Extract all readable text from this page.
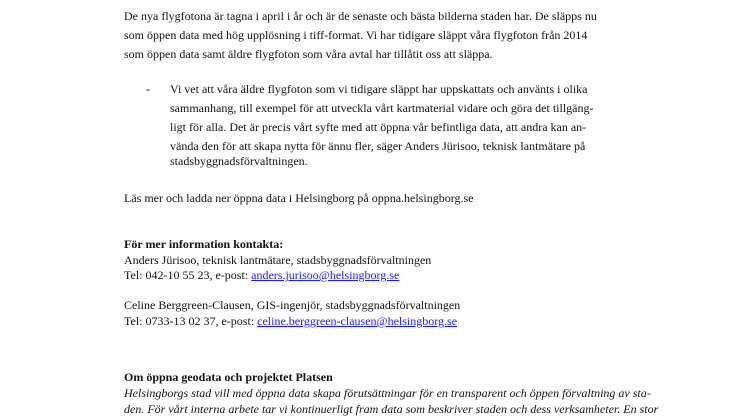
De nya flygfotona är tagna i april i år och är de senaste och bästa bilderna staden har. De släpps nu
som öppen data med hög upplösning i tiff-format. Vi har tidigare släppt våra flygfoton från 2014
som öppen data samt äldre flygfoton som våra avtal har tillåtit oss att släppa.
- Vi vet att våra äldre flygfoton som vi tidigare släppt har uppskattats och använts i olika
sammanhang, till exempel för att utveckla vårt kartmaterial vidare och göra det tillgäng-
ligt för alla. Det är precis vårt syfte med att öppna vår befintliga data, att andra kan an-
vända den för att skapa nytta för ännu fler, säger Anders Jürisoo, teknisk lantmätare på
stadsbyggnadsförvaltningen.
Läs mer och ladda ner öppna data i Helsingborg på oppna.helsingborg.se
För mer information kontakta:
Anders Jürisoo, teknisk lantmätare, stadsbyggnadsförvaltningen
Tel: 042-10 55 23, e-post: anders.jurisoo@helsingborg.se
Celine Berggreen-Clausen, GIS-ingenjör, stadsbyggnadsförvaltningen
Tel: 0733-13 02 37, e-post: celine.berggreen-clausen@helsingborg.se
Om öppna geodata och projektet Platsen
Helsingborgs stad vill med öppna data skapa förutsättningar för en transparent och öppen förvaltning av sta-
den. För vårt interna arbete tar vi kontinuerligt fram data som beskriver staden och dess verksamheter. En stor
